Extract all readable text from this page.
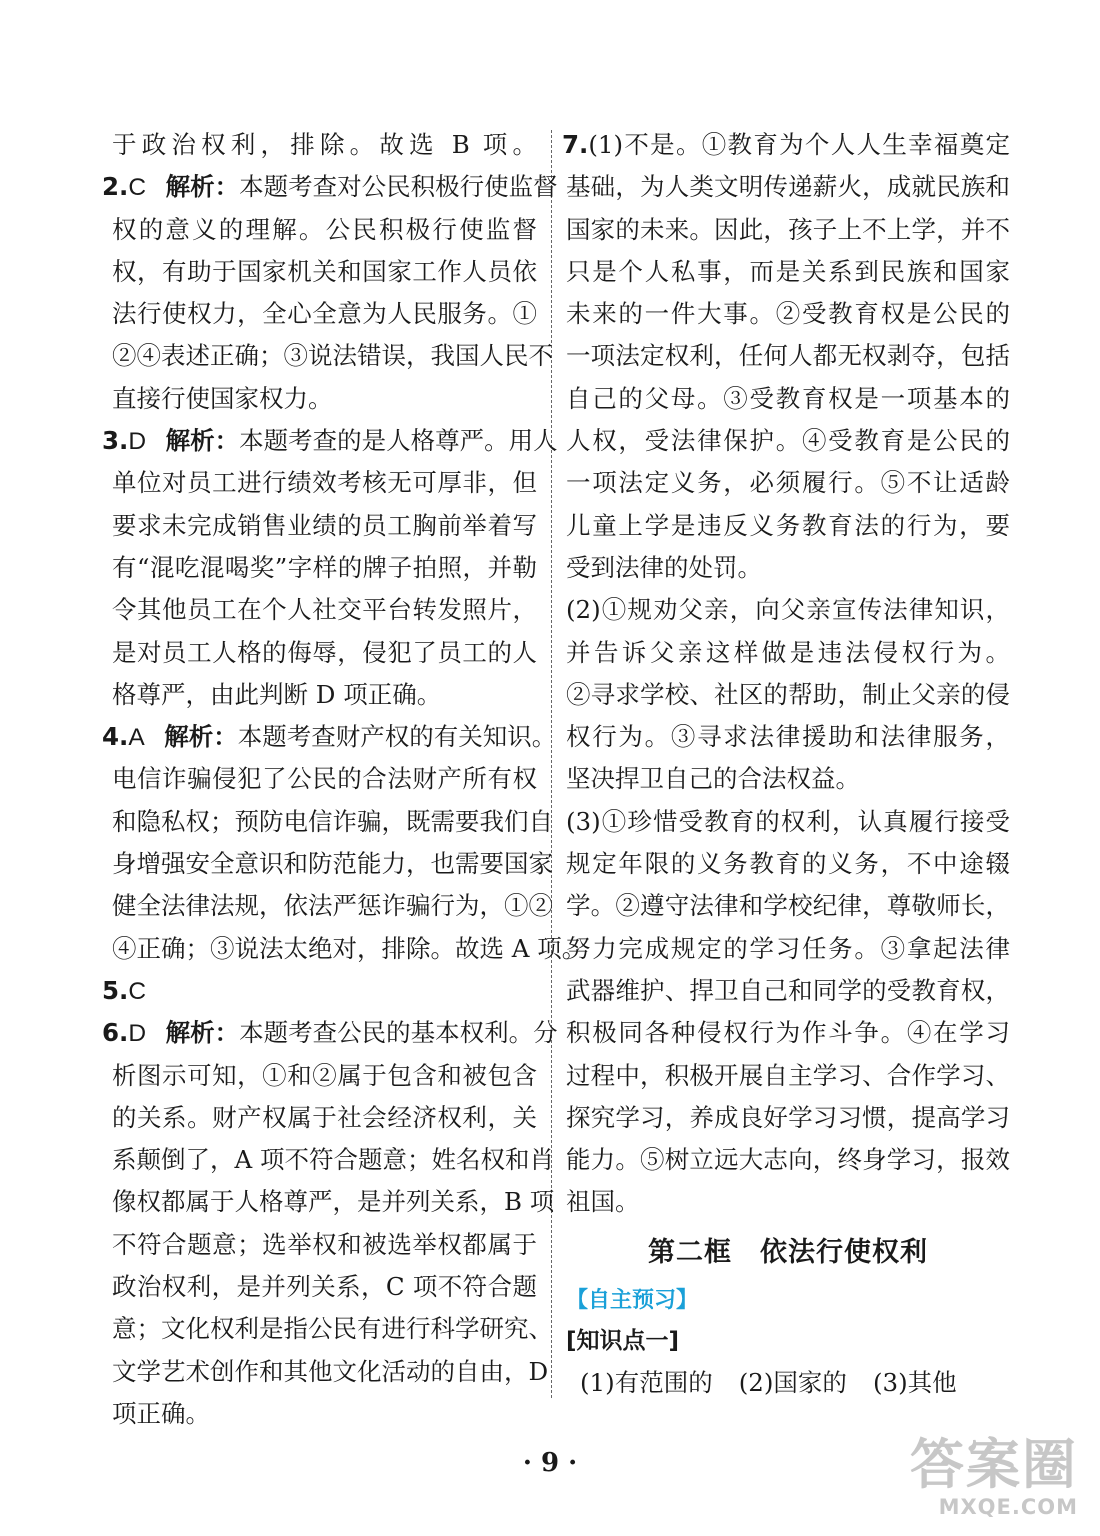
于政治权利，排除。故选 B 项。
2.C 解析：本题考查对公民积极行使监督
权的意义的理解。公民积极行使监督
权，有助于国家机关和国家工作人员依
法行使权力，全心全意为人民服务。①
②④表述正确；③说法错误，我国人民不
直接行使国家权力。
3.D 解析：本题考查的是人格尊严。用人
单位对员工进行绩效考核无可厚非，但
要求未完成销售业绩的员工胸前举着写
有“混吃混喝奖”字样的牌子拍照，并勒
令其他员工在个人社交平台转发照片，
是对员工人格的侮辱，侵犯了员工的人
格尊严，由此判断 D 项正确。
4.A 解析：本题考查财产权的有关知识。
电信诈骗侵犯了公民的合法财产所有权
和隐私权；预防电信诈骗，既需要我们自
身增强安全意识和防范能力，也需要国家
健全法律法规，依法严惩诈骗行为，①②
④正确；③说法太绝对，排除。故选 A 项。
5.C
6.D 解析：本题考查公民的基本权利。分
析图示可知，①和②属于包含和被包含
的关系。财产权属于社会经济权利，关
系颠倒了，A 项不符合题意；姓名权和肖
像权都属于人格尊严，是并列关系，B 项
不符合题意；选举权和被选举权都属于
政治权利，是并列关系，C 项不符合题
意；文化权利是指公民有进行科学研究、
文学艺术创作和其他文化活动的自由，D
项正确。
7.(1)不是。①教育为个人人生幸福奠定
基础，为人类文明传递薪火，成就民族和
国家的未来。因此，孩子上不上学，并不
只是个人私事，而是关系到民族和国家
未来的一件大事。②受教育权是公民的
一项法定权利，任何人都无权剥夺，包括
自己的父母。③受教育权是一项基本的
人权，受法律保护。④受教育是公民的
一项法定义务，必须履行。⑤不让适龄
儿童上学是违反义务教育法的行为，要
受到法律的处罚。
(2)①规劝父亲，向父亲宣传法律知识，
并告诉父亲这样做是违法侵权行为。
②寻求学校、社区的帮助，制止父亲的侵
权行为。③寻求法律援助和法律服务，
坚决捍卫自己的合法权益。
(3)①珍惜受教育的权利，认真履行接受
规定年限的义务教育的义务，不中途辍
学。②遵守法律和学校纪律，尊敬师长，
努力完成规定的学习任务。③拿起法律
武器维护、捍卫自己和同学的受教育权，
积极同各种侵权行为作斗争。④在学习
过程中，积极开展自主学习、合作学习、
探究学习，养成良好学习习惯，提高学习
能力。⑤树立远大志向，终身学习，报效
祖国。
第二框　依法行使权利
【自主预习】
[知识点一]
(1)有范围的 (2)国家的 (3)其他
· 9 ·	答案圈
MXQE.COM
